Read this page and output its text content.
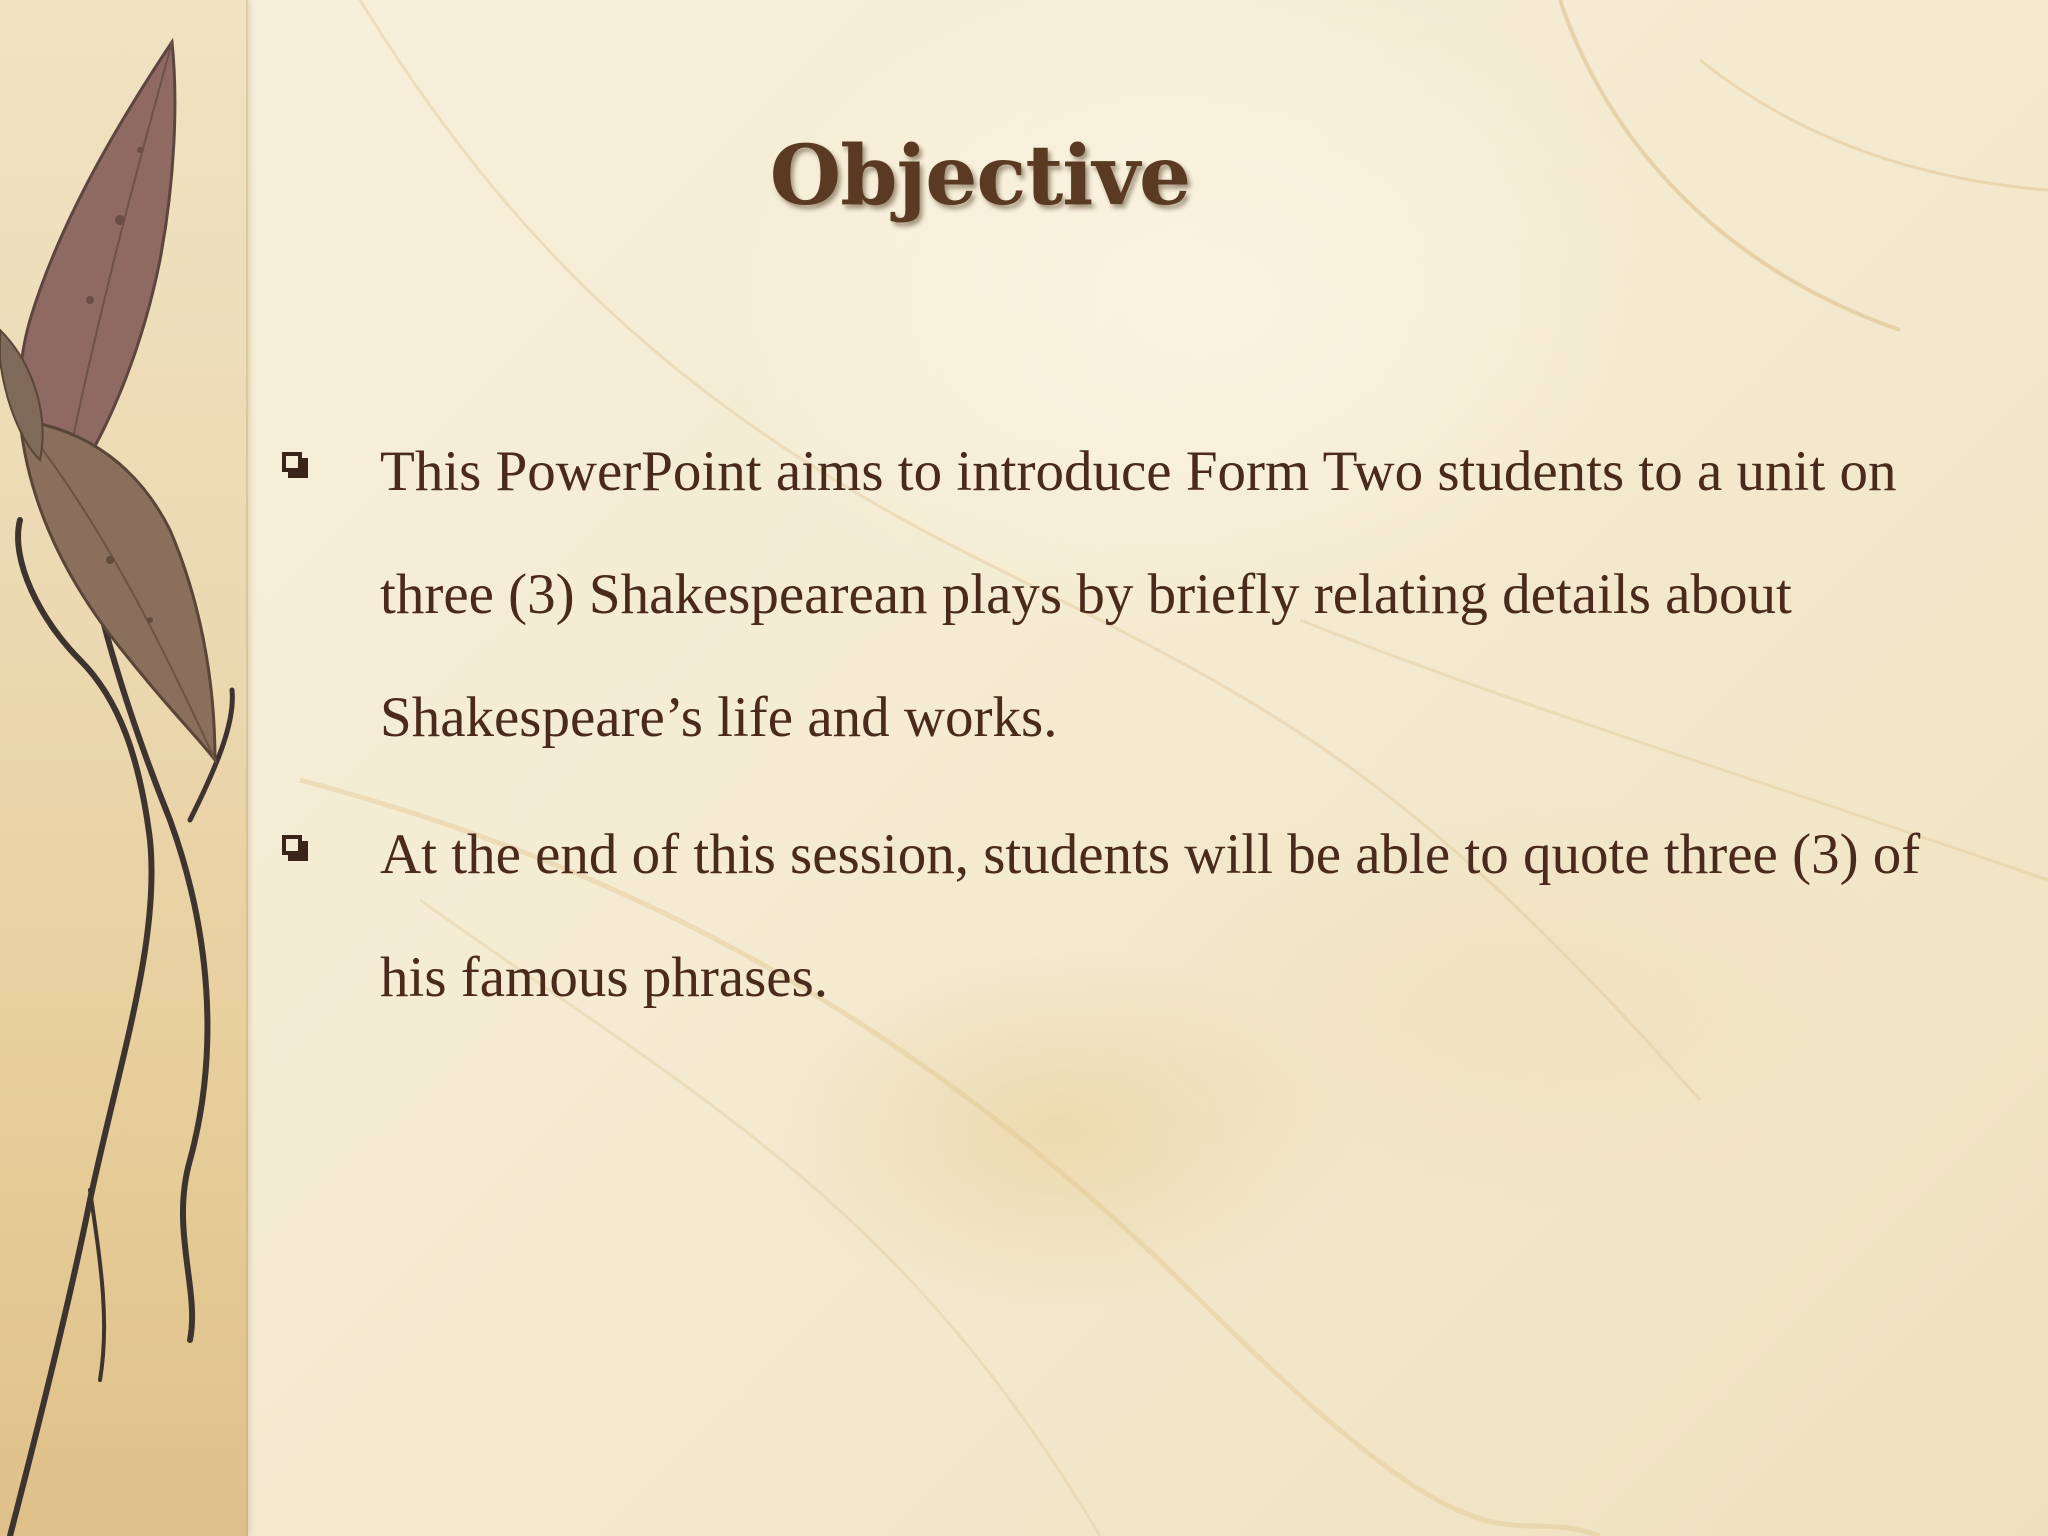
Objective
This PowerPoint aims to introduce Form Two students to a unit on three (3) Shakespearean plays by briefly relating details about Shakespeare’s life and works.
At the end of this session, students will be able to quote three (3) of his famous phrases.
